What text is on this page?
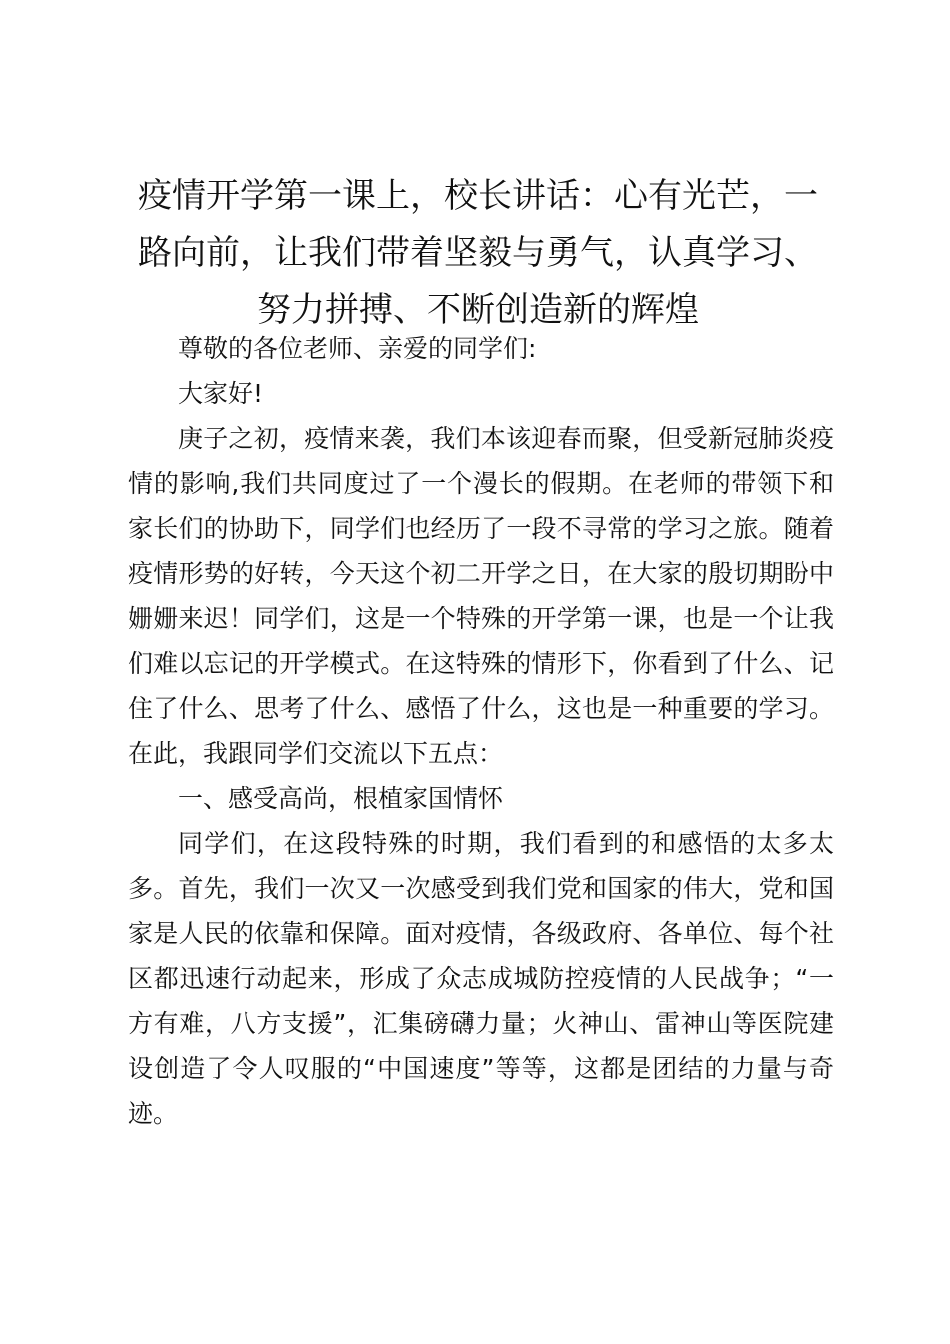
疫情开学第一课上，校长讲话：心有光芒，一路向前，让我们带着坚毅与勇气，认真学习、努力拼搏、不断创造新的辉煌

尊敬的各位老师、亲爱的同学们:

大家好!

庚子之初，疫情来袭，我们本该迎春而聚，但受新冠肺炎疫情的影响,我们共同度过了一个漫长的假期。在老师的带领下和家长们的协助下，同学们也经历了一段不寻常的学习之旅。随着疫情形势的好转，今天这个初二开学之日，在大家的殷切期盼中姗姗来迟！同学们，这是一个特殊的开学第一课，也是一个让我们难以忘记的开学模式。在这特殊的情形下，你看到了什么、记住了什么、思考了什么、感悟了什么，这也是一种重要的学习。在此，我跟同学们交流以下五点：

一、感受高尚，根植家国情怀

同学们，在这段特殊的时期，我们看到的和感悟的太多太多。首先，我们一次又一次感受到我们党和国家的伟大，党和国家是人民的依靠和保障。面对疫情，各级政府、各单位、每个社区都迅速行动起来，形成了众志成城防控疫情的人民战争；“一方有难，八方支援”，汇集磅礴力量；火神山、雷神山等医院建设创造了令人叹服的“中国速度”等等，这都是团结的力量与奇迹。
